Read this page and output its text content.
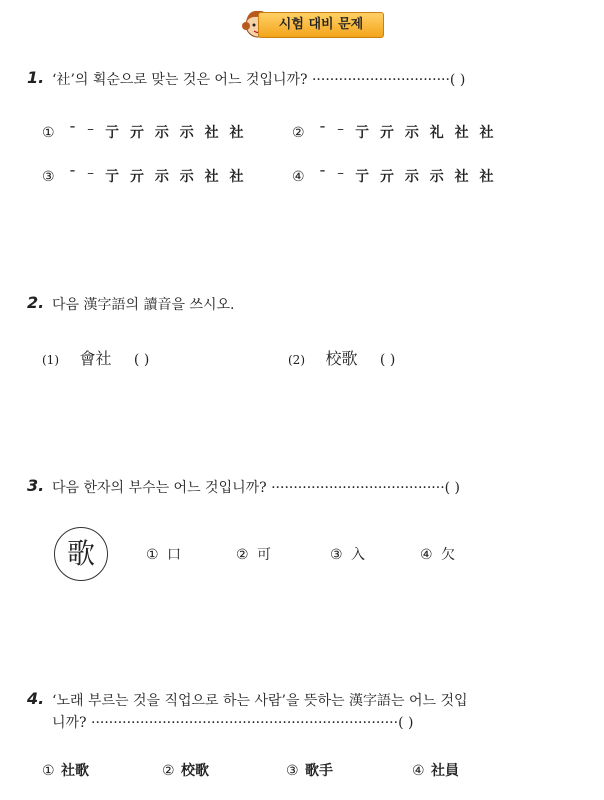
시험 대비 문제
1. ‘社’의 획순으로 맞는 것은 어느 것입니까? ·······························( )
① ˉ ⁻ 亍 亓 示 示 社 社	② ˉ ⁻ 亍 亓 示 礼 社 社
③ ˉ ⁻ 亍 亓 示 示 社 社	④ ˉ ⁻ 亍 亓 示 示 社 社
2. 다음 漢字語의 讀音을 쓰시오.
(1) 會社 ( )	(2) 校歌 ( )
3. 다음 한자의 부수는 어느 것입니까? ·······································( )
歌	① 口	② 可	③ 入	④ 欠
4. ‘노래 부르는 것을 직업으로 하는 사람’을 뜻하는 漢字語는 어느 것입
니까? ·····································································( )
① 社歌	② 校歌	③ 歌手	④ 社員
